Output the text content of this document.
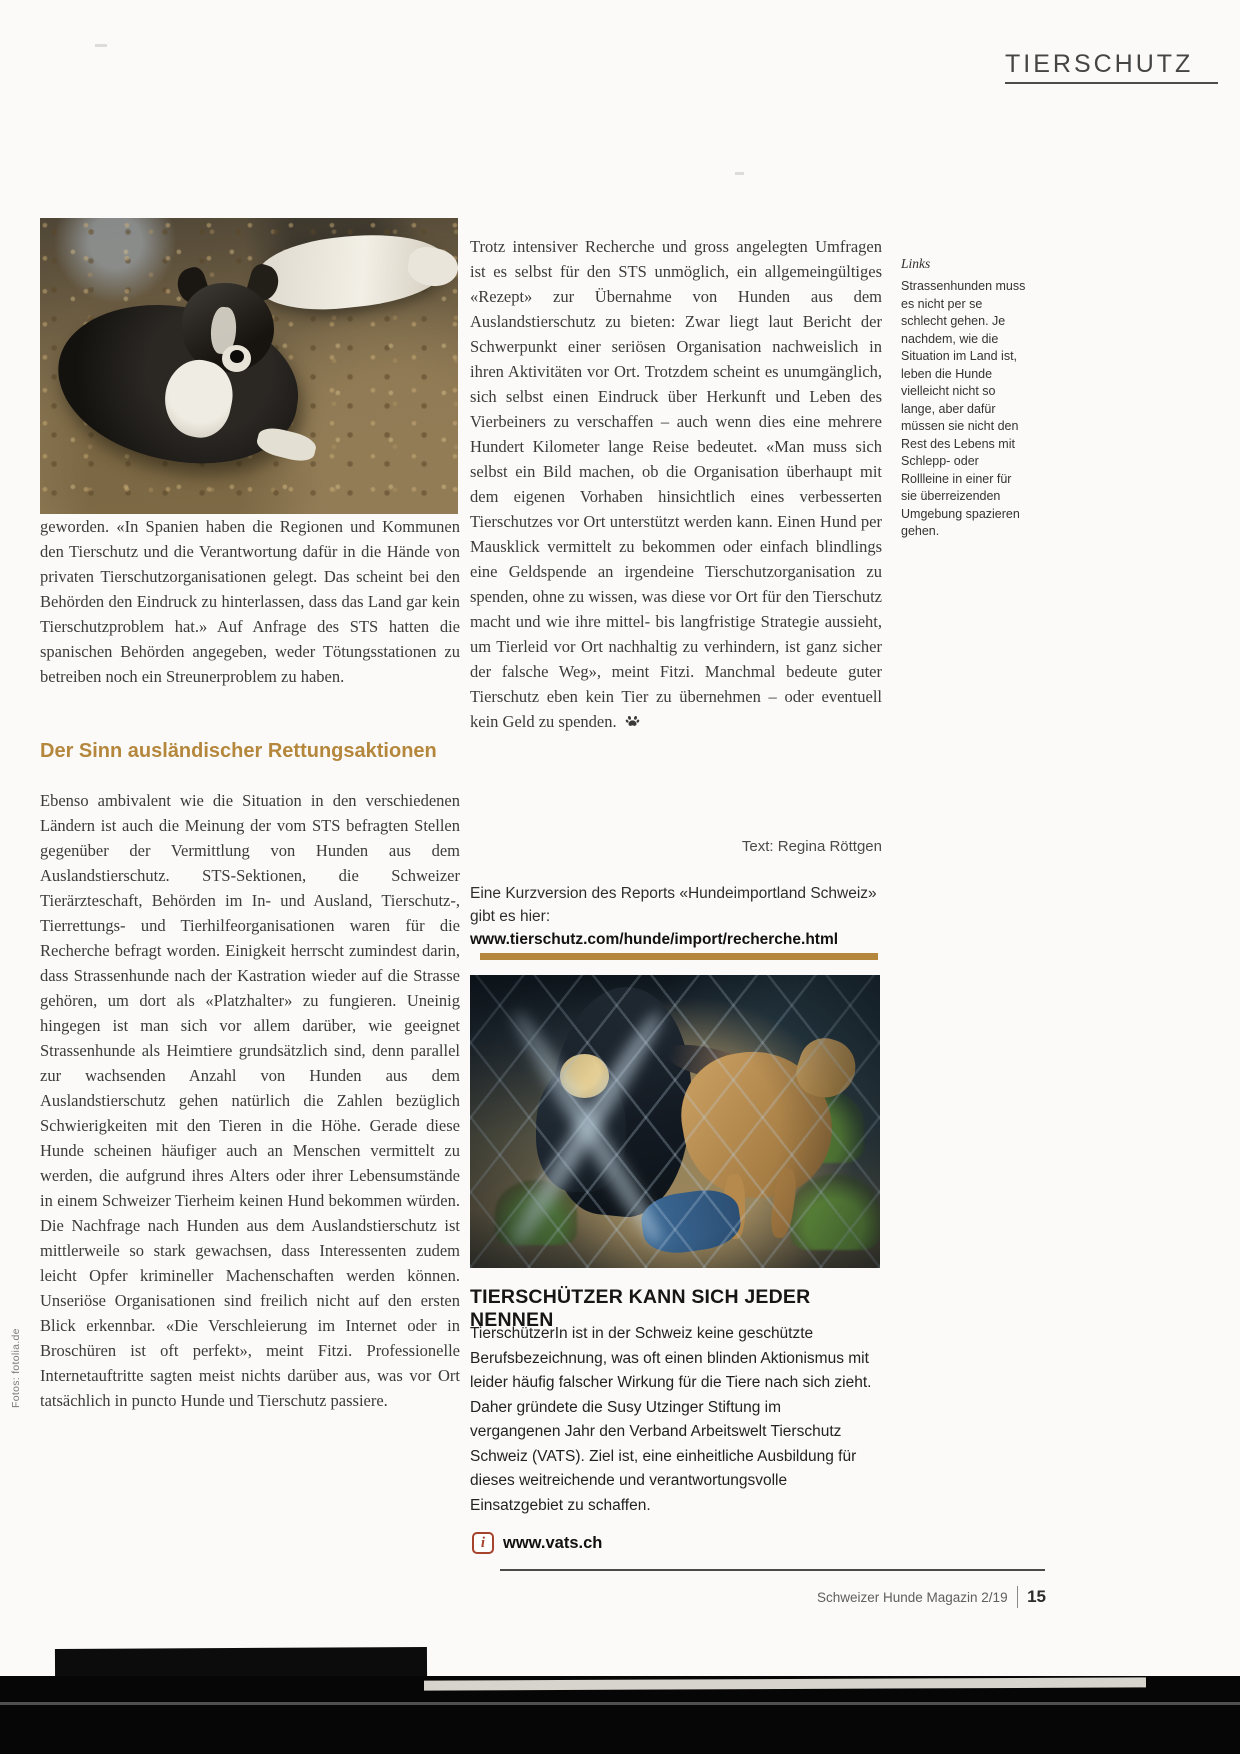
TIERSCHUTZ

geworden. «In Spanien haben die Regionen und Kommunen den Tierschutz und die Verantwortung dafür in die Hände von privaten Tierschutzorganisationen gelegt. Das scheint bei den Behörden den Eindruck zu hinterlassen, dass das Land gar kein Tierschutzproblem hat.» Auf Anfrage des STS hatten die spanischen Behörden angegeben, weder Tötungsstationen zu betreiben noch ein Streunerproblem zu haben.

Der Sinn ausländischer Rettungsaktionen

Ebenso ambivalent wie die Situation in den verschiedenen Ländern ist auch die Meinung der vom STS befragten Stellen gegenüber der Vermittlung von Hunden aus dem Auslandstierschutz. STS-Sektionen, die Schweizer Tierärzteschaft, Behörden im In- und Ausland, Tierschutz-, Tierrettungs- und Tierhilfeorganisationen waren für die Recherche befragt worden. Einigkeit herrscht zumindest darin, dass Strassenhunde nach der Kastration wieder auf die Strasse gehören, um dort als «Platzhalter» zu fungieren. Uneinig hingegen ist man sich vor allem darüber, wie geeignet Strassenhunde als Heimtiere grundsätzlich sind, denn parallel zur wachsenden Anzahl von Hunden aus dem Auslandstierschutz gehen natürlich die Zahlen bezüglich Schwierigkeiten mit den Tieren in die Höhe. Gerade diese Hunde scheinen häufiger auch an Menschen vermittelt zu werden, die aufgrund ihres Alters oder ihrer Lebensumstände in einem Schweizer Tierheim keinen Hund bekommen würden. Die Nachfrage nach Hunden aus dem Auslandstierschutz ist mittlerweile so stark gewachsen, dass Interessenten zudem leicht Opfer krimineller Machenschaften werden können. Unseriöse Organisationen sind freilich nicht auf den ersten Blick erkennbar. «Die Verschleierung im Internet oder in Broschüren ist oft perfekt», meint Fitzi. Professionelle Internetauftritte sagten meist nichts darüber aus, was vor Ort tatsächlich in puncto Hunde und Tierschutz passiere.

Fotos: fotolia.de

Trotz intensiver Recherche und gross angelegten Umfragen ist es selbst für den STS unmöglich, ein allgemeingültiges «Rezept» zur Übernahme von Hunden aus dem Auslandstierschutz zu bieten: Zwar liegt laut Bericht der Schwerpunkt einer seriösen Organisation nachweislich in ihren Aktivitäten vor Ort. Trotzdem scheint es unumgänglich, sich selbst einen Eindruck über Herkunft und Leben des Vierbeiners zu verschaffen – auch wenn dies eine mehrere Hundert Kilometer lange Reise bedeutet. «Man muss sich selbst ein Bild machen, ob die Organisation überhaupt mit dem eigenen Vorhaben hinsichtlich eines verbesserten Tierschutzes vor Ort unterstützt werden kann. Einen Hund per Mausklick vermittelt zu bekommen oder einfach blindlings eine Geldspende an irgendeine Tierschutzorganisation zu spenden, ohne zu wissen, was diese vor Ort für den Tierschutz macht und wie ihre mittel- bis langfristige Strategie aussieht, um Tierleid vor Ort nachhaltig zu verhindern, ist ganz sicher der falsche Weg», meint Fitzi. Manchmal bedeute guter Tierschutz eben kein Tier zu übernehmen – oder eventuell kein Geld zu spenden.

Text: Regina Röttgen

Eine Kurzversion des Reports «Hundeimportland Schweiz» gibt es hier: www.tierschutz.com/hunde/import/recherche.html

TIERSCHÜTZER KANN SICH JEDER NENNEN

TierschützerIn ist in der Schweiz keine geschützte Berufsbezeichnung, was oft einen blinden Aktionismus mit leider häufig falscher Wirkung für die Tiere nach sich zieht. Daher gründete die Susy Utzinger Stiftung im vergangenen Jahr den Verband Arbeitswelt Tierschutz Schweiz (VATS). Ziel ist, eine einheitliche Ausbildung für dieses weitreichende und verantwortungsvolle Einsatzgebiet zu schaffen.

i	www.vats.ch
Links
Strassenhunden muss es nicht per se schlecht gehen. Je nachdem, wie die Situation im Land ist, leben die Hunde vielleicht nicht so lange, aber dafür müssen sie nicht den Rest des Lebens mit Schlepp- oder Rollleine in einer für sie überreizenden Umgebung spazieren gehen.
Schweizer Hunde Magazin 2/19 15
